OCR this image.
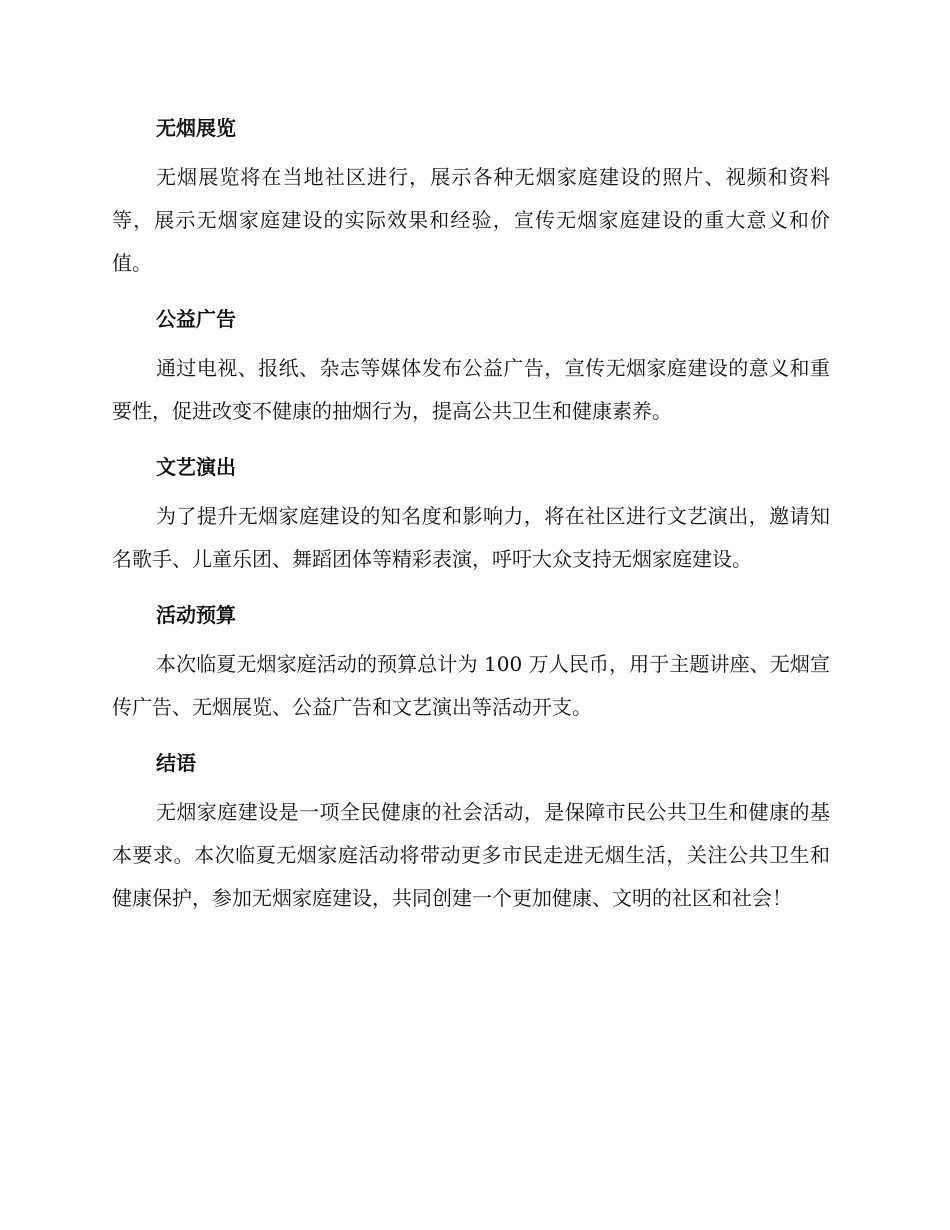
无烟展览

无烟展览将在当地社区进行，展示各种无烟家庭建设的照片、视频和资料等，展示无烟家庭建设的实际效果和经验，宣传无烟家庭建设的重大意义和价值。

公益广告

通过电视、报纸、杂志等媒体发布公益广告，宣传无烟家庭建设的意义和重要性，促进改变不健康的抽烟行为，提高公共卫生和健康素养。

文艺演出

为了提升无烟家庭建设的知名度和影响力，将在社区进行文艺演出，邀请知名歌手、儿童乐团、舞蹈团体等精彩表演，呼吁大众支持无烟家庭建设。

活动预算

本次临夏无烟家庭活动的预算总计为 100 万人民币，用于主题讲座、无烟宣传广告、无烟展览、公益广告和文艺演出等活动开支。

结语

无烟家庭建设是一项全民健康的社会活动，是保障市民公共卫生和健康的基本要求。本次临夏无烟家庭活动将带动更多市民走进无烟生活，关注公共卫生和健康保护，参加无烟家庭建设，共同创建一个更加健康、文明的社区和社会！
